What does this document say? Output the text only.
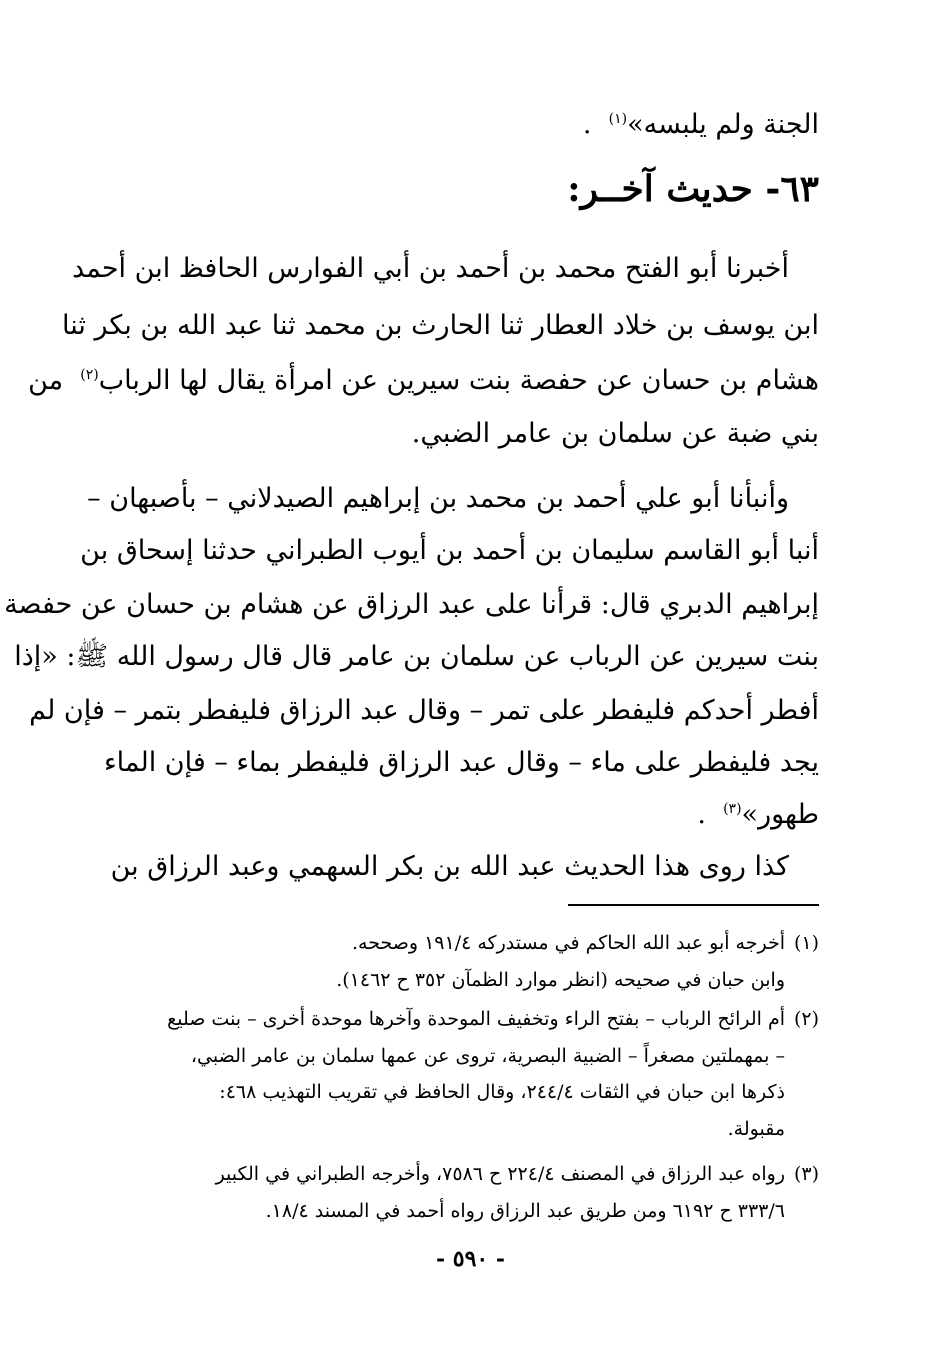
الجنة ولم يلبسه»$^{(١)}$  .
٦٣- حديث آخــر:
أخبرنا أبو الفتح محمد بن أحمد بن أبي الفوارس الحافظ ابن أحمد
ابن يوسف بن خلاد العطار ثنا الحارث بن محمد ثنا عبد الله بن بكر ثنا
هشام بن حسان عن حفصة بنت سيرين عن امرأة يقال لها الرباب$^{(٢)}$  من
بني ضبة عن سلمان بن عامر الضبي.
وأنبأنا أبو علي أحمد بن محمد بن إبراهيم الصيدلاني – بأصبهان –
أنبا أبو القاسم سليمان بن أحمد بن أيوب الطبراني حدثنا إسحاق بن
إبراهيم الدبري قال: قرأنا على عبد الرزاق عن هشام بن حسان عن حفصة
بنت سيرين عن الرباب عن سلمان بن عامر قال قال رسول الله ﷺ: «إذا
أفطر أحدكم فليفطر على تمر – وقال عبد الرزاق فليفطر بتمر – فإن لم
يجد فليفطر على ماء – وقال عبد الرزاق فليفطر بماء – فإن الماء
طهور»$^{(٣)}$  .
كذا روى هذا الحديث عبد الله بن بكر السهمي وعبد الرزاق بن
(١)أخرجه أبو عبد الله الحاكم في مستدركه ١٩١/٤ وصححه.
وابن حبان في صحيحه (انظر موارد الظمآن ٣٥٢ ح ١٤٦٢).
(٢)أم الرائح الرباب – بفتح الراء وتخفيف الموحدة وآخرها موحدة أخرى – بنت صليع
– بمهملتين مصغراً – الضبية البصرية، تروى عن عمها سلمان بن عامر الضبي،
ذكرها ابن حبان في الثقات ٢٤٤/٤، وقال الحافظ في تقريب التهذيب ٤٦٨:
مقبولة.
(٣)رواه عبد الرزاق في المصنف ٢٢٤/٤ ح ٧٥٨٦، وأخرجه الطبراني في الكبير
٣٣٣/٦ ح ٦١٩٢ ومن طريق عبد الرزاق رواه أحمد في المسند ١٨/٤.
- ٥٩٠ -
